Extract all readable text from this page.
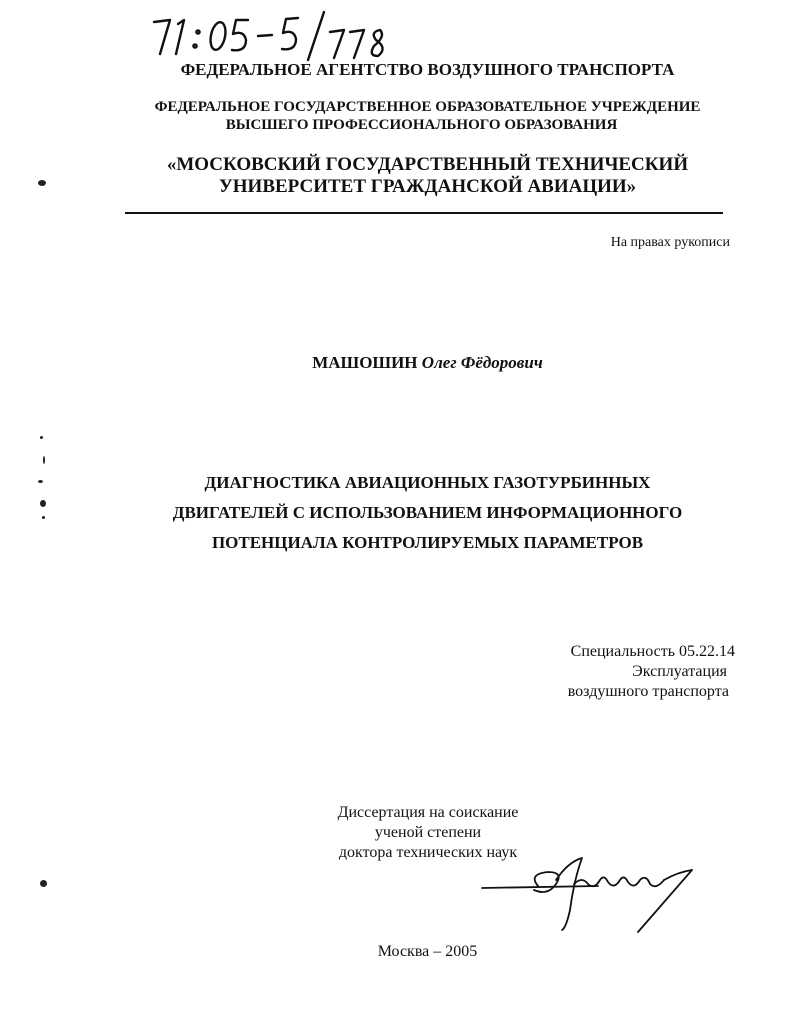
ФЕДЕРАЛЬНОЕ АГЕНТСТВО ВОЗДУШНОГО ТРАНСПОРТА
ФЕДЕРАЛЬНОЕ ГОСУДАРСТВЕННОЕ ОБРАЗОВАТЕЛЬНОЕ УЧРЕЖДЕНИЕ
ВЫСШЕГО ПРОФЕССИОНАЛЬНОГО ОБРАЗОВАНИЯ
«МОСКОВСКИЙ ГОСУДАРСТВЕННЫЙ ТЕХНИЧЕСКИЙ
УНИВЕРСИТЕТ ГРАЖДАНСКОЙ АВИАЦИИ»
На правах рукописи
МАШОШИН Олег Фёдорович
ДИАГНОСТИКА АВИАЦИОННЫХ ГАЗОТУРБИННЫХ
ДВИГАТЕЛЕЙ С ИСПОЛЬЗОВАНИЕМ ИНФОРМАЦИОННОГО
ПОТЕНЦИАЛА КОНТРОЛИРУЕМЫХ ПАРАМЕТРОВ
Специальность 05.22.14
Эксплуатация
воздушного транспорта
Диссертация на соискание
ученой степени
доктора технических наук
Москва – 2005
